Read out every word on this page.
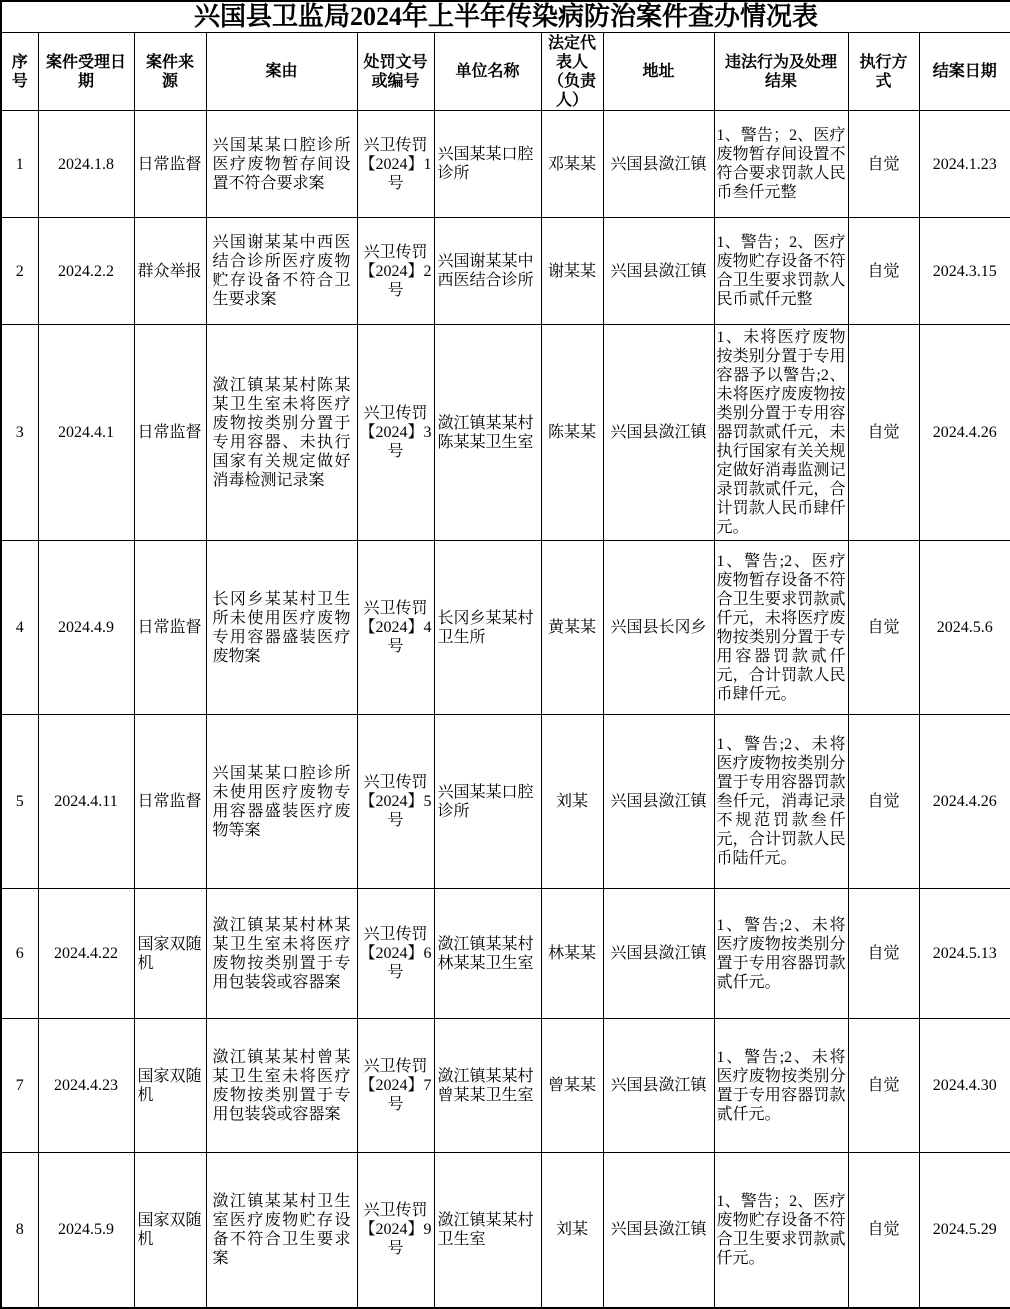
兴国县卫监局2024年上半年传染病防治案件查办情况表										
序号	案件受理日期	案件来源	案由	处罚文号或编号	单位名称	法定代表人（负责人）	地址	违法行为及处理结果	执行方式	结案日期
1	2024.1.8	日常监督	兴国某某口腔诊所医疗废物暂存间设置不符合要求案	兴卫传罚【2024】1号	兴国某某口腔诊所	邓某某	兴国县潋江镇	1、警告；2、医疗废物暂存间设置不符合要求罚款人民币叁仟元整	自觉	2024.1.23
2	2024.2.2	群众举报	兴国谢某某中西医结合诊所医疗废物贮存设备不符合卫生要求案	兴卫传罚【2024】2号	兴国谢某某中西医结合诊所	谢某某	兴国县潋江镇	1、警告；2、医疗废物贮存设备不符合卫生要求罚款人民币贰仟元整	自觉	2024.3.15
3	2024.4.1	日常监督	潋江镇某某村陈某某卫生室未将医疗废物按类别分置于专用容器、未执行国家有关规定做好消毒检测记录案	兴卫传罚【2024】3号	潋江镇某某村陈某某卫生室	陈某某	兴国县潋江镇	1、未将医疗废物按类别分置于专用容器予以警告;2、未将医疗废废物按类别分置于专用容器罚款贰仟元，未执行国家有关关规定做好消毒监测记录罚款贰仟元，合计罚款人民币肆仟元。	自觉	2024.4.26
4	2024.4.9	日常监督	长冈乡某某村卫生所未使用医疗废物专用容器盛装医疗废物案	兴卫传罚【2024】4号	长冈乡某某村卫生所	黄某某	兴国县长冈乡	1、警告;2、医疗废物暂存设备不符合卫生要求罚款贰仟元，未将医疗废物按类别分置于专用容器罚款贰仟元，合计罚款人民币肆仟元。	自觉	2024.5.6
5	2024.4.11	日常监督	兴国某某口腔诊所未使用医疗废物专用容器盛装医疗废物等案	兴卫传罚【2024】5号	兴国某某口腔诊所	刘某	兴国县潋江镇	1、警告;2、未将医疗废物按类别分置于专用容器罚款叁仟元，消毒记录不规范罚款叁仟元，合计罚款人民币陆仟元。	自觉	2024.4.26
6	2024.4.22	国家双随机	潋江镇某某村林某某卫生室未将医疗废物按类别置于专用包装袋或容器案	兴卫传罚【2024】6号	潋江镇某某村林某某卫生室	林某某	兴国县潋江镇	1、警告;2、未将医疗废物按类别分置于专用容器罚款贰仟元。	自觉	2024.5.13
7	2024.4.23	国家双随机	潋江镇某某村曾某某卫生室未将医疗废物按类别置于专用包装袋或容器案	兴卫传罚【2024】7号	潋江镇某某村曾某某卫生室	曾某某	兴国县潋江镇	1、警告;2、未将医疗废物按类别分置于专用容器罚款贰仟元。	自觉	2024.4.30
8	2024.5.9	国家双随机	潋江镇某某村卫生室医疗废物贮存设备不符合卫生要求案	兴卫传罚【2024】9号	潋江镇某某村卫生室	刘某	兴国县潋江镇	1、警告；2、医疗废物贮存设备不符合卫生要求罚款贰仟元。	自觉	2024.5.29
